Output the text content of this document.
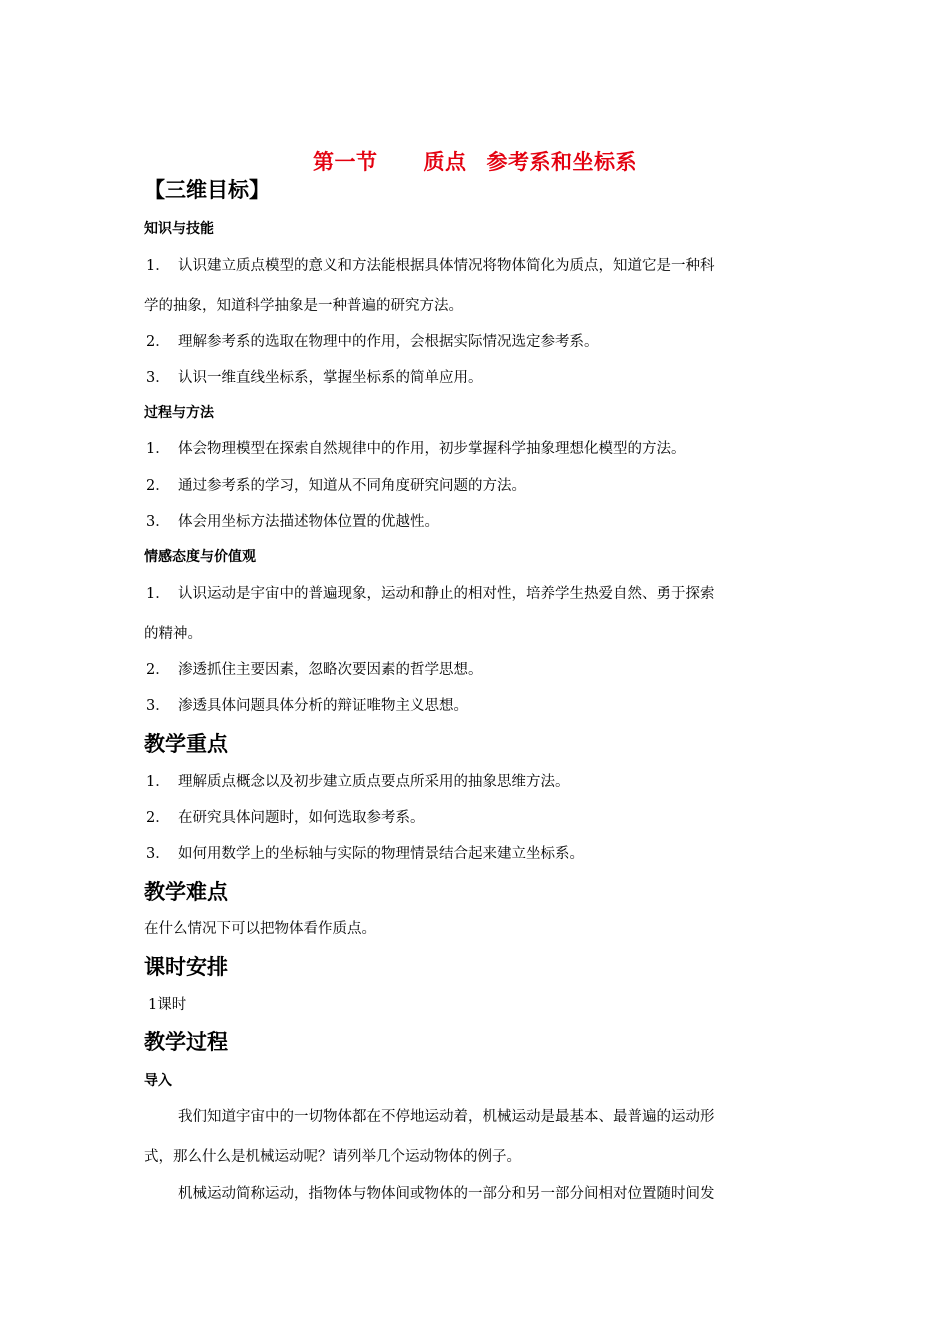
第一节 质点 参考系和坐标系
【三维目标】
知识与技能
1． 认识建立质点模型的意义和方法能根据具体情况将物体简化为质点，知道它是一种科
学的抽象，知道科学抽象是一种普遍的研究方法。
2． 理解参考系的选取在物理中的作用，会根据实际情况选定参考系。
3． 认识一维直线坐标系，掌握坐标系的简单应用。
过程与方法
1． 体会物理模型在探索自然规律中的作用，初步掌握科学抽象理想化模型的方法。
2． 通过参考系的学习，知道从不同角度研究问题的方法。
3． 体会用坐标方法描述物体位置的优越性。
情感态度与价值观
1． 认识运动是宇宙中的普遍现象，运动和静止的相对性，培养学生热爱自然、勇于探索
的精神。
2． 渗透抓住主要因素，忽略次要因素的哲学思想。
3． 渗透具体问题具体分析的辩证唯物主义思想。
教学重点
1． 理解质点概念以及初步建立质点要点所采用的抽象思维方法。
2． 在研究具体问题时，如何选取参考系。
3． 如何用数学上的坐标轴与实际的物理情景结合起来建立坐标系。
教学难点
在什么情况下可以把物体看作质点。
课时安排
1课时
教学过程
导入
我们知道宇宙中的一切物体都在不停地运动着，机械运动是最基本、最普遍的运动形
式，那么什么是机械运动呢？请列举几个运动物体的例子。
机械运动简称运动，指物体与物体间或物体的一部分和另一部分间相对位置随时间发
